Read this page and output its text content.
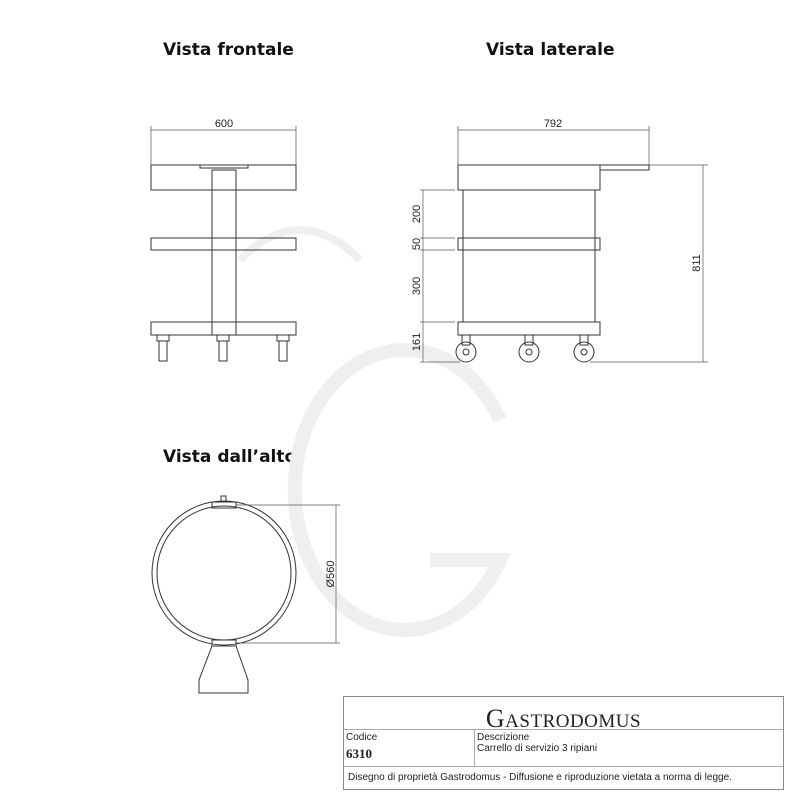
Vista frontale	Vista laterale
Vista dall’alto
600	792
811
200
50
300
161
Ø560
GASTRODOMUS
Codice
6310
Descrizione
Carrello di servizio 3 ripiani
Disegno di proprietà Gastrodomus - Diffusione e riproduzione vietata a norma di legge.
